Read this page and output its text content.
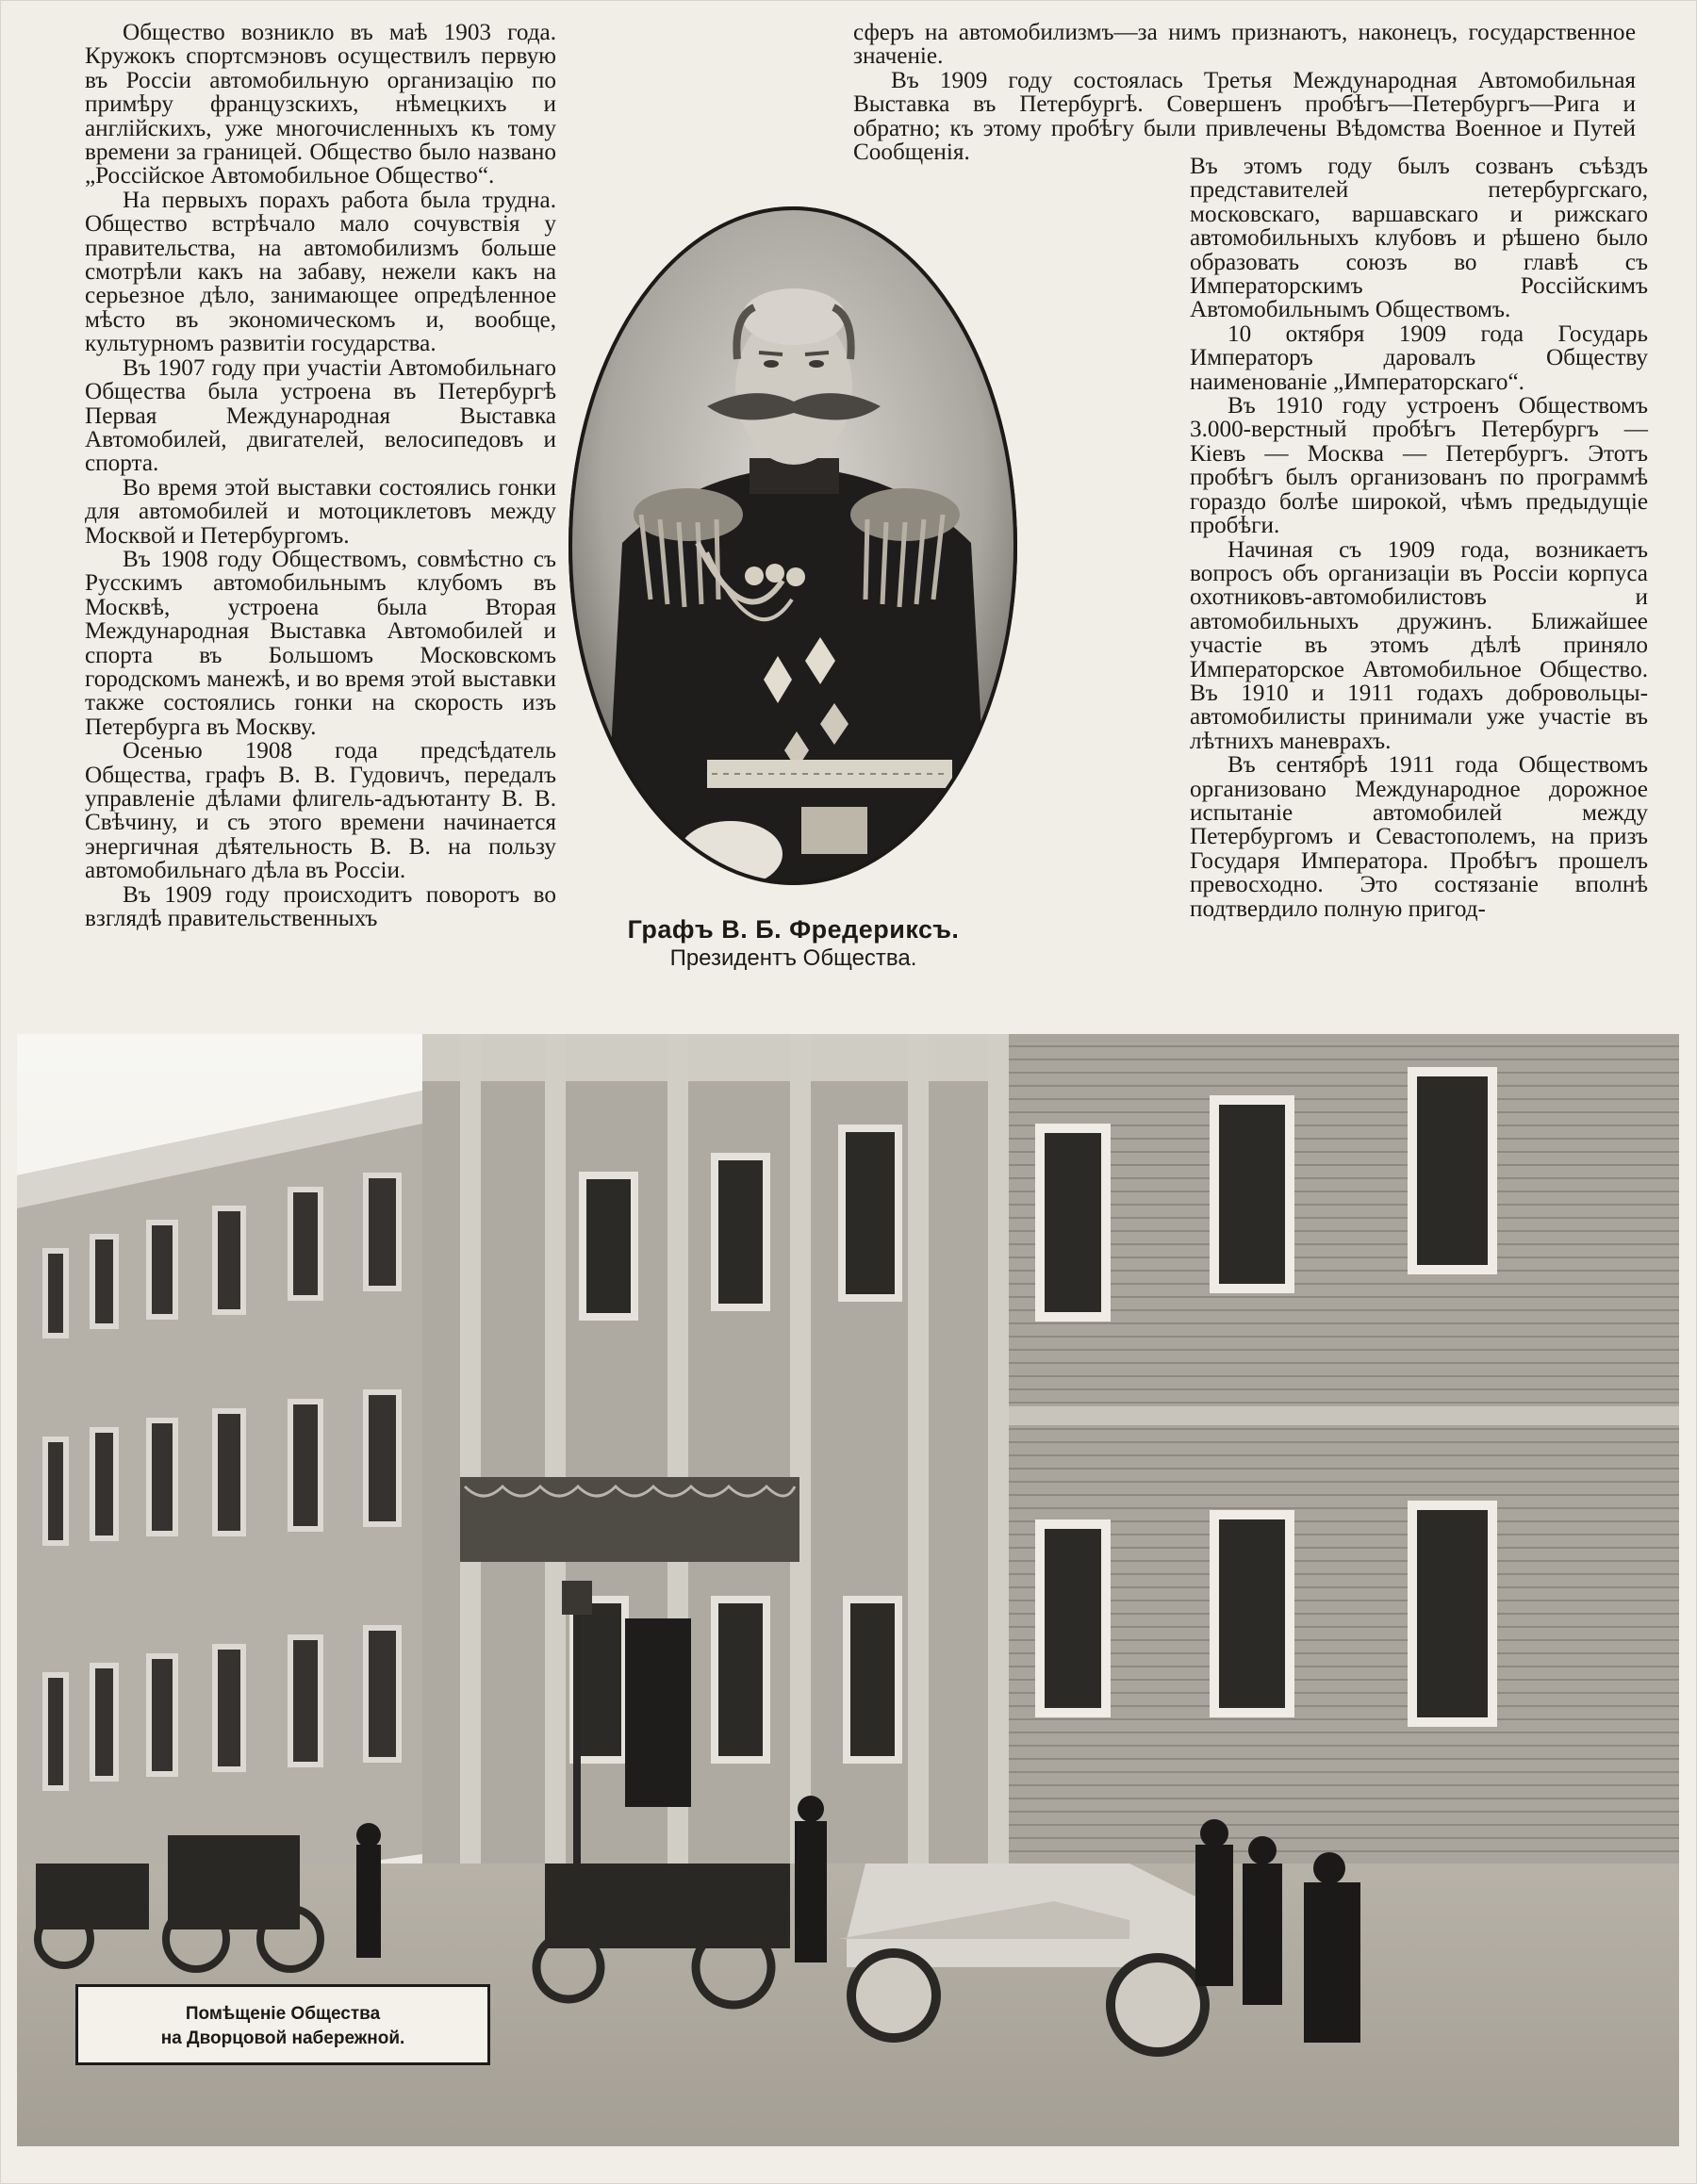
Общество возникло въ маѣ 1903 года. Кружокъ спортсмэновъ осуществилъ первую въ Россіи автомобильную организацію по примѣру французскихъ, нѣмецкихъ и англійскихъ, уже многочисленныхъ къ тому времени за границей. Общество было названо „Россійское Автомобильное Общество“.

На первыхъ порахъ работа была трудна. Общество встрѣчало мало сочувствія у правительства, на автомобилизмъ больше смотрѣли какъ на забаву, нежели какъ на серьезное дѣло, занимающее опредѣленное мѣсто въ экономическомъ и, вообще, культурномъ развитіи государства.

Въ 1907 году при участіи Автомобильнаго Общества была устроена въ Петербургѣ Первая Международная Выставка Автомобилей, двигателей, велосипедовъ и спорта.

Во время этой выставки состоялись гонки для автомобилей и мотоциклетовъ между Москвой и Петербургомъ.

Въ 1908 году Обществомъ, совмѣстно съ Русскимъ автомобильнымъ клубомъ въ Москвѣ, устроена была Вторая Международная Выставка Автомобилей и спорта въ Большомъ Московскомъ городскомъ манежѣ, и во время этой выставки также состоялись гонки на скорость изъ Петербурга въ Москву.

Осенью 1908 года предсѣдатель Общества, графъ В. В. Гудовичъ, передалъ управленіе дѣлами флигель-адъютанту В. В. Свѣчину, и съ этого времени начинается энергичная дѣятельность В. В. на пользу автомобильнаго дѣла въ Россіи.

Въ 1909 году происходитъ поворотъ во взглядѣ правительственныхъ

сферъ на автомобилизмъ—за нимъ признаютъ, наконецъ, государственное значеніе.

Въ 1909 году состоялась Третья Международная Автомобильная Выставка въ Петербургѣ. Совершенъ пробѣгъ—Петербургъ—Рига и обратно; къ этому пробѣгу были привлечены Вѣдомства Военное и Путей Сообщенія.

Въ этомъ году былъ созванъ съѣздъ представителей петербургскаго, московскаго, варшавскаго и рижскаго автомобильныхъ клубовъ и рѣшено было образовать союзъ во главѣ съ Императорскимъ Россійскимъ Автомобильнымъ Обществомъ.

10 октября 1909 года Государь Императоръ даровалъ Обществу наименованіе „Императорскаго“.

Въ 1910 году устроенъ Обществомъ 3.000-верстный пробѣгъ Петербургъ — Кіевъ — Москва — Петербургъ. Этотъ пробѣгъ былъ организованъ по программѣ гораздо болѣе широкой, чѣмъ предыдущіе пробѣги.

Начиная съ 1909 года, возникаетъ вопросъ объ организаціи въ Россіи корпуса охотниковъ-автомобилистовъ и автомобильныхъ дружинъ. Ближайшее участіе въ этомъ дѣлѣ приняло Императорское Автомобильное Общество. Въ 1910 и 1911 годахъ добровольцы-автомобилисты принимали уже участіе въ лѣтнихъ маневрахъ.

Въ сентябрѣ 1911 года Обществомъ организовано Международное дорожное испытаніе автомобилей между Петербургомъ и Севастополемъ, на призъ Государя Императора. Пробѣгъ прошелъ превосходно. Это состязаніе вполнѣ подтвердило полную пригод-

Графъ В. Б. Фредериксъ.
Президентъ Общества.
Помѣщеніе Общества
на Дворцовой набережной.
